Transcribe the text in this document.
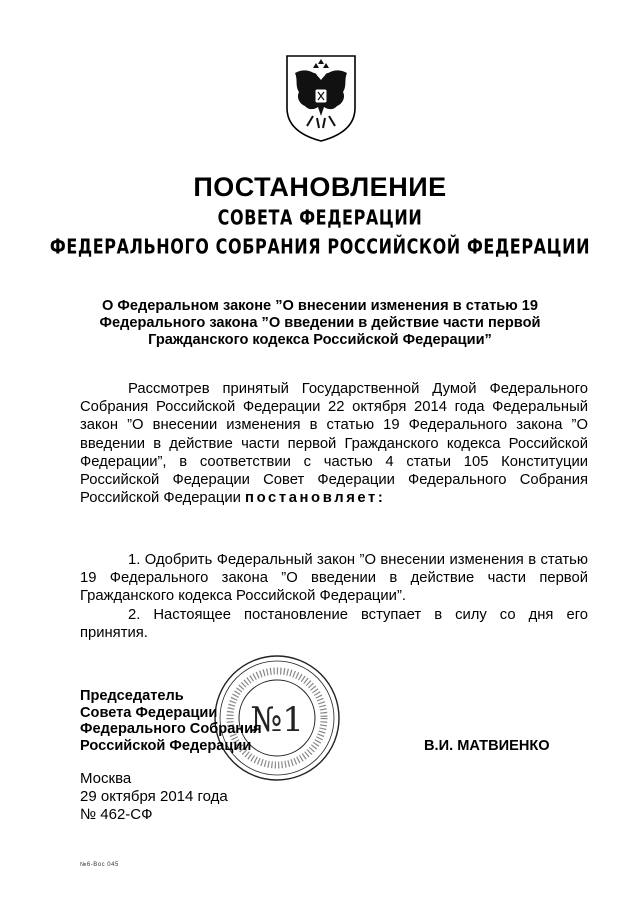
ПОСТАНОВЛЕНИЕ
СОВЕТА ФЕДЕРАЦИИ
ФЕДЕРАЛЬНОГО СОБРАНИЯ РОССИЙСКОЙ ФЕДЕРАЦИИ
О Федеральном законе ”О внесении изменения в статью 19
Федерального закона ”О введении в действие части первой
Гражданского кодекса Российской Федерации”

Рассмотрев принятый Государственной Думой Федерального Собрания Российской Федерации 22 октября 2014 года Федеральный закон ”О внесении изменения в статью 19 Федерального закона ”О введении в действие части первой Гражданского кодекса Российской Федерации”, в соответствии с частью 4 статьи 105 Конституции Российской Федерации Совет Федерации Федерального Собрания Российской Федерации постановляет:

1. Одобрить Федеральный закон ”О внесении изменения в статью 19 Федерального закона ”О введении в действие части первой Гражданского кодекса Российской Федерации”.

2. Настоящее постановление вступает в силу со дня его принятия.

№1
Председатель
Совета Федерации
Федерального Собрания
Российской Федерации	В.И. МАТВИЕНКО
Москва
29 октября 2014 года
№ 462-СФ
№6-Вос 045
